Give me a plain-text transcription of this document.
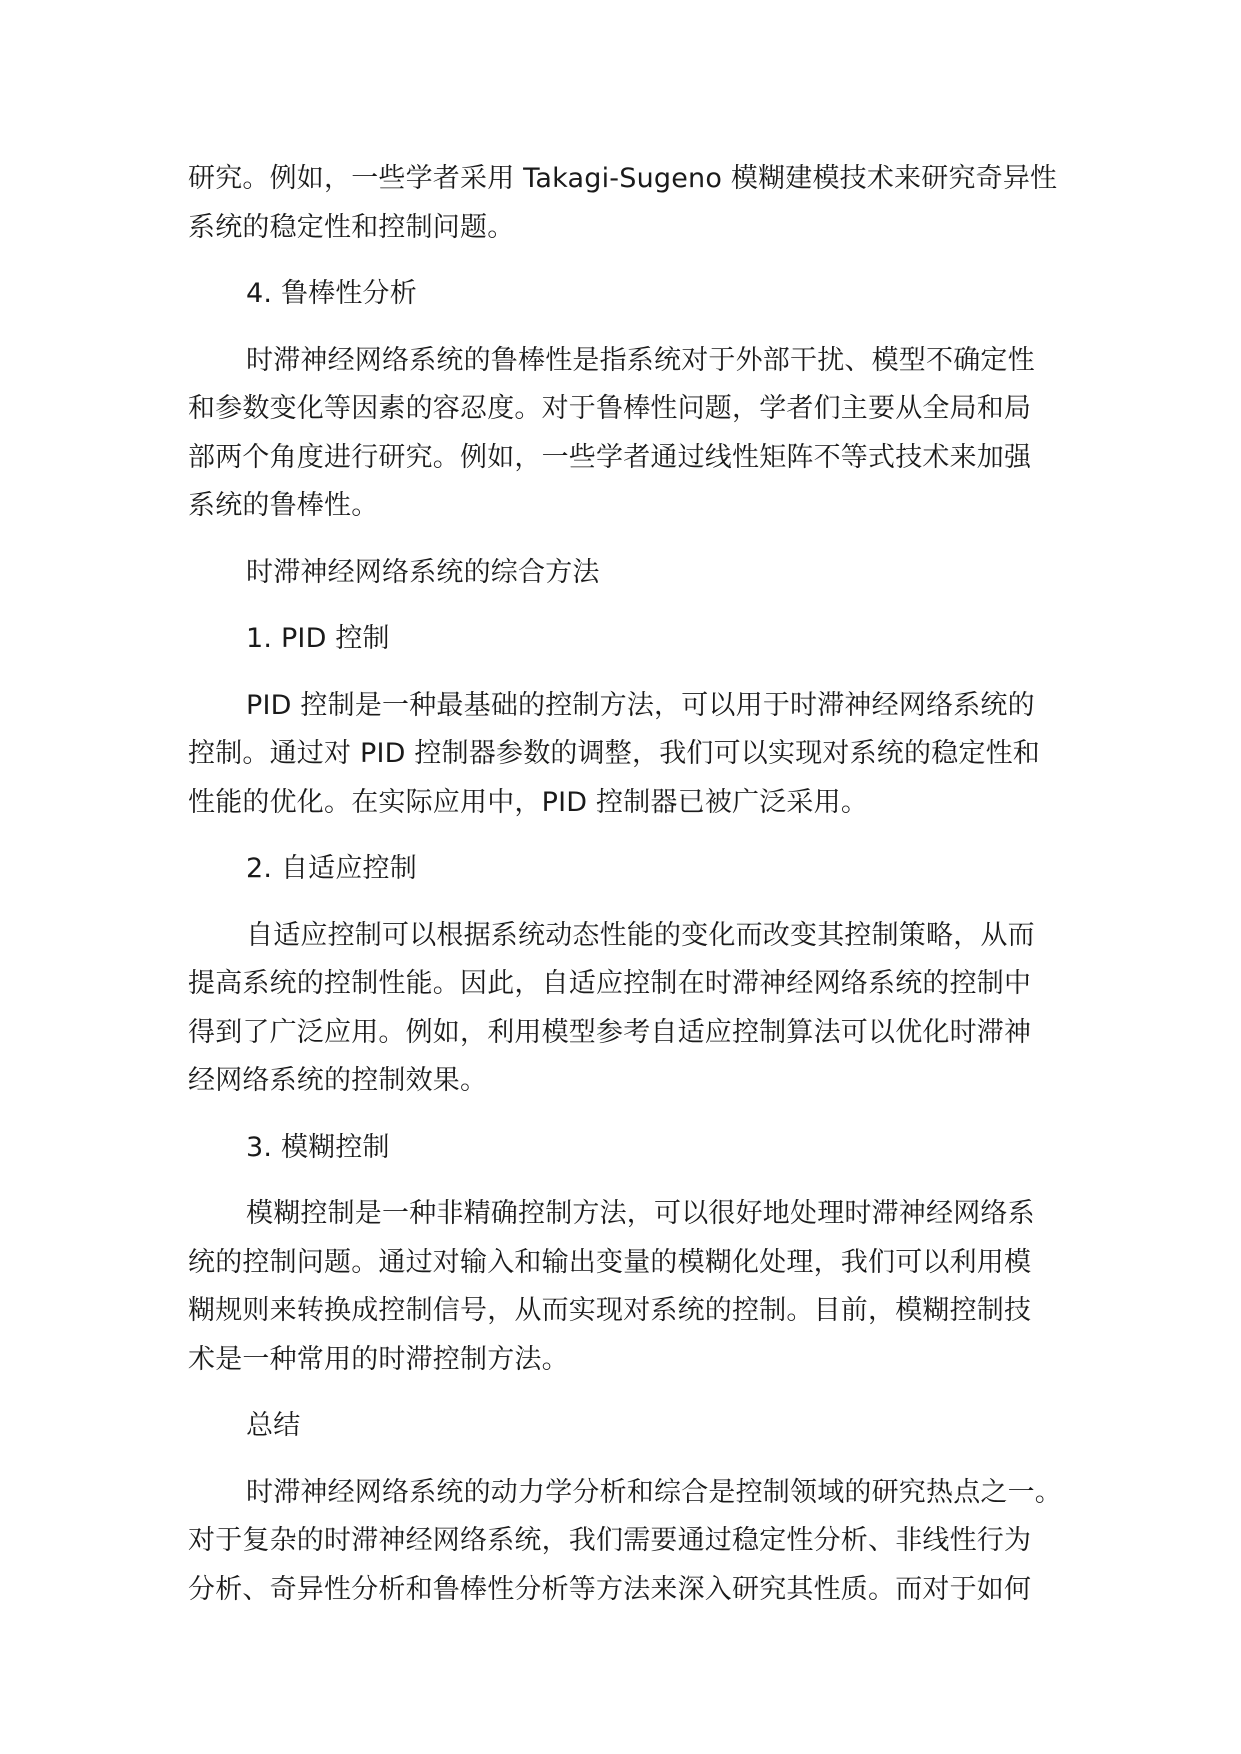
研究。例如，一些学者采用 Takagi-Sugeno 模糊建模技术来研究奇异性
系统的稳定性和控制问题。

4. 鲁棒性分析

时滞神经网络系统的鲁棒性是指系统对于外部干扰、模型不确定性
和参数变化等因素的容忍度。对于鲁棒性问题，学者们主要从全局和局
部两个角度进行研究。例如，一些学者通过线性矩阵不等式技术来加强
系统的鲁棒性。

时滞神经网络系统的综合方法

1. PID 控制

PID 控制是一种最基础的控制方法，可以用于时滞神经网络系统的
控制。通过对 PID 控制器参数的调整，我们可以实现对系统的稳定性和
性能的优化。在实际应用中，PID 控制器已被广泛采用。

2. 自适应控制

自适应控制可以根据系统动态性能的变化而改变其控制策略，从而
提高系统的控制性能。因此，自适应控制在时滞神经网络系统的控制中
得到了广泛应用。例如，利用模型参考自适应控制算法可以优化时滞神
经网络系统的控制效果。

3. 模糊控制

模糊控制是一种非精确控制方法，可以很好地处理时滞神经网络系
统的控制问题。通过对输入和输出变量的模糊化处理，我们可以利用模
糊规则来转换成控制信号，从而实现对系统的控制。目前，模糊控制技
术是一种常用的时滞控制方法。

总结

时滞神经网络系统的动力学分析和综合是控制领域的研究热点之一。
对于复杂的时滞神经网络系统，我们需要通过稳定性分析、非线性行为
分析、奇异性分析和鲁棒性分析等方法来深入研究其性质。而对于如何
